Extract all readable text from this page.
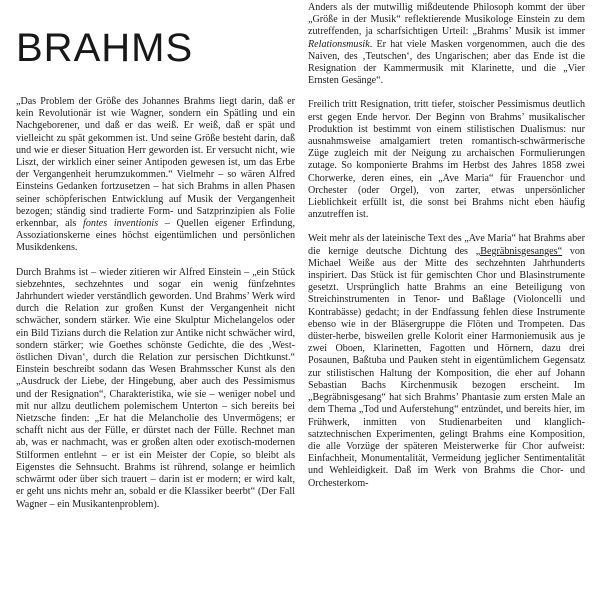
BRAHMS

„Das Problem der Größe des Johannes Brahms liegt darin, daß er kein Revolutionär ist wie Wagner, sondern ein Spätling und ein Nachgeborener, und daß er das weiß. Er weiß, daß er spät und vielleicht zu spät gekommen ist. Und seine Größe besteht darin, daß und wie er dieser Situation Herr geworden ist. Er versucht nicht, wie Liszt, der wirklich einer seiner Antipoden gewesen ist, um das Erbe der Vergangenheit herumzukommen.“ Vielmehr – so wären Alfred Einsteins Gedanken fortzusetzen – hat sich Brahms in allen Phasen seiner schöpferischen Entwicklung auf Musik der Vergangenheit bezogen; ständig sind tradierte Form- und Satzprinzipien als Folie erkennbar, als fontes inventionis – Quellen eigener Erfindung, Assoziationskerne eines höchst eigentümlichen und persönlichen Musikdenkens.

Durch Brahms ist – wieder zitieren wir Alfred Einstein – „ein Stück siebzehntes, sechzehntes und sogar ein wenig fünfzehntes Jahrhundert wieder verständlich geworden. Und Brahms’ Werk wird durch die Relation zur großen Kunst der Vergangenheit nicht schwächer, sondern stärker. Wie eine Skulptur Michelangelos oder ein Bild Tizians durch die Relation zur Antike nicht schwächer wird, sondern stärker; wie Goethes schönste Gedichte, die des ‚West-östlichen Divan‘, durch die Relation zur persischen Dichtkunst.“ Einstein beschreibt sodann das Wesen Brahmsscher Kunst als den „Ausdruck der Liebe, der Hingebung, aber auch des Pessimismus und der Resignation“, Charakteristika, wie sie – weniger nobel und mit nur allzu deutlichem polemischem Unterton – sich bereits bei Nietzsche finden: „Er hat die Melancholie des Unvermögens; er schafft nicht aus der Fülle, er dürstet nach der Fülle. Rechnet man ab, was er nachmacht, was er großen alten oder exotisch-modernen Stilformen entlehnt – er ist ein Meister der Copie, so bleibt als Eigenstes die Sehnsucht. Brahms ist rührend, solange er heimlich schwärmt oder über sich trauert – darin ist er modern; er wird kalt, er geht uns nichts mehr an, sobald er die Klassiker beerbt“ (Der Fall Wagner – ein Musikantenproblem).

Anders als der mutwillig mißdeutende Philosoph kommt der über „Größe in der Musik“ reflektierende Musikologe Einstein zu dem zutreffenden, ja scharfsichtigen Urteil: „Brahms’ Musik ist immer Relationsmusik. Er hat viele Masken vorgenommen, auch die des Naiven, des ‚Teutschen‘, des Ungarischen; aber das Ende ist die Resignation der Kammermusik mit Klarinette, und die „Vier Ernsten Gesänge“.

Freilich tritt Resignation, tritt tiefer, stoischer Pessimismus deutlich erst gegen Ende hervor. Der Beginn von Brahms’ musikalischer Produktion ist bestimmt von einem stilistischen Dualismus: nur ausnahmsweise amalgamiert treten romantisch-schwärmerische Züge zugleich mit der Neigung zu archaischen Formulierungen zutage. So komponierte Brahms im Herbst des Jahres 1858 zwei Chorwerke, deren eines, ein „Ave Maria“ für Frauenchor und Orchester (oder Orgel), von zarter, etwas unpersönlicher Lieblichkeit erfüllt ist, die sonst bei Brahms nicht eben häufig anzutreffen ist.

Weit mehr als der lateinische Text des „Ave Maria“ hat Brahms aber die kernige deutsche Dichtung des „Begräbnisgesanges“ von Michael Weiße aus der Mitte des sechzehnten Jahrhunderts inspiriert. Das Stück ist für gemischten Chor und Blasinstrumente gesetzt. Ursprünglich hatte Brahms an eine Beteiligung von Streichinstrumenten in Tenor- und Baßlage (Violoncelli und Kontrabässe) gedacht; in der Endfassung fehlen diese Instrumente ebenso wie in der Bläsergruppe die Flöten und Trompeten. Das düster-herbe, bisweilen grelle Kolorit einer Harmoniemusik aus je zwei Oboen, Klarinetten, Fagotten und Hörnern, dazu drei Posaunen, Baßtuba und Pauken steht in eigentümlichem Gegensatz zur stilistischen Haltung der Komposition, die eher auf Johann Sebastian Bachs Kirchenmusik bezogen erscheint. Im „Begräbnisgesang“ hat sich Brahms’ Phantasie zum ersten Male an dem Thema „Tod und Auferstehung“ entzündet, und bereits hier, im Frühwerk, inmitten von Studienarbeiten und klanglich-satztechnischen Experimenten, gelingt Brahms eine Komposition, die alle Vorzüge der späteren Meisterwerke für Chor aufweist: Einfachheit, Monumentalität, Vermeidung jeglicher Sentimentalität und Wehleidigkeit. Daß im Werk von Brahms die Chor- und Orchesterkom-
